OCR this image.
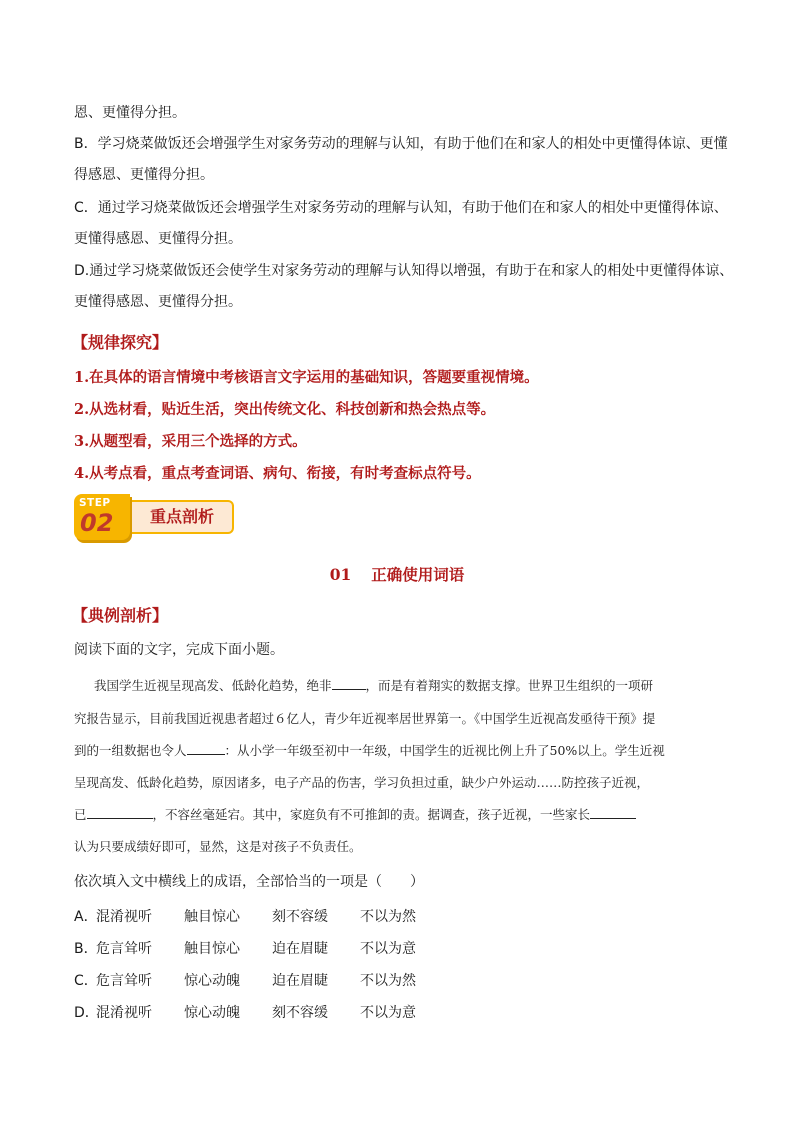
恩、更懂得分担。
B．学习烧菜做饭还会增强学生对家务劳动的理解与认知，有助于他们在和家人的相处中更懂得体谅、更懂
得感恩、更懂得分担。
C．通过学习烧菜做饭还会增强学生对家务劳动的理解与认知，有助于他们在和家人的相处中更懂得体谅、
更懂得感恩、更懂得分担。
D.通过学习烧菜做饭还会使学生对家务劳动的理解与认知得以增强，有助于在和家人的相处中更懂得体谅、
更懂得感恩、更懂得分担。
【规律探究】
1.在具体的语言情境中考核语言文字运用的基础知识，答题要重视情境。
2.从选材看，贴近生活，突出传统文化、科技创新和热会热点等。
3.从题型看，采用三个选择的方式。
4.从考点看，重点考查词语、病句、衔接，有时考查标点符号。
STEP
02	重点剖析
01 正确使用词语
【典例剖析】
阅读下面的文字，完成下面小题。
我国学生近视呈现高发、低龄化趋势，绝非	，而是有着翔实的数据支撑。世界卫生组织的一项研
究报告显示，目前我国近视患者超过６亿人，青少年近视率居世界第一。《中国学生近视高发亟待干预》提
到的一组数据也令人	：从小学一年级至初中一年级，中国学生的近视比例上升了50%以上。学生近视
呈现高发、低龄化趋势，原因诸多，电子产品的伤害，学习负担过重，缺少户外运动……防控孩子近视，
已	，不容丝毫延宕。其中，家庭负有不可推卸的责。据调查，孩子近视，一些家长
认为只要成绩好即可，显然，这是对孩子不负责任。
依次填入文中横线上的成语，全部恰当的一项是（　　）
A．混淆视听 触目惊心 刻不容缓 不以为然
B．危言耸听 触目惊心 迫在眉睫 不以为意
C．危言耸听 惊心动魄 迫在眉睫 不以为然
D．混淆视听 惊心动魄 刻不容缓 不以为意
